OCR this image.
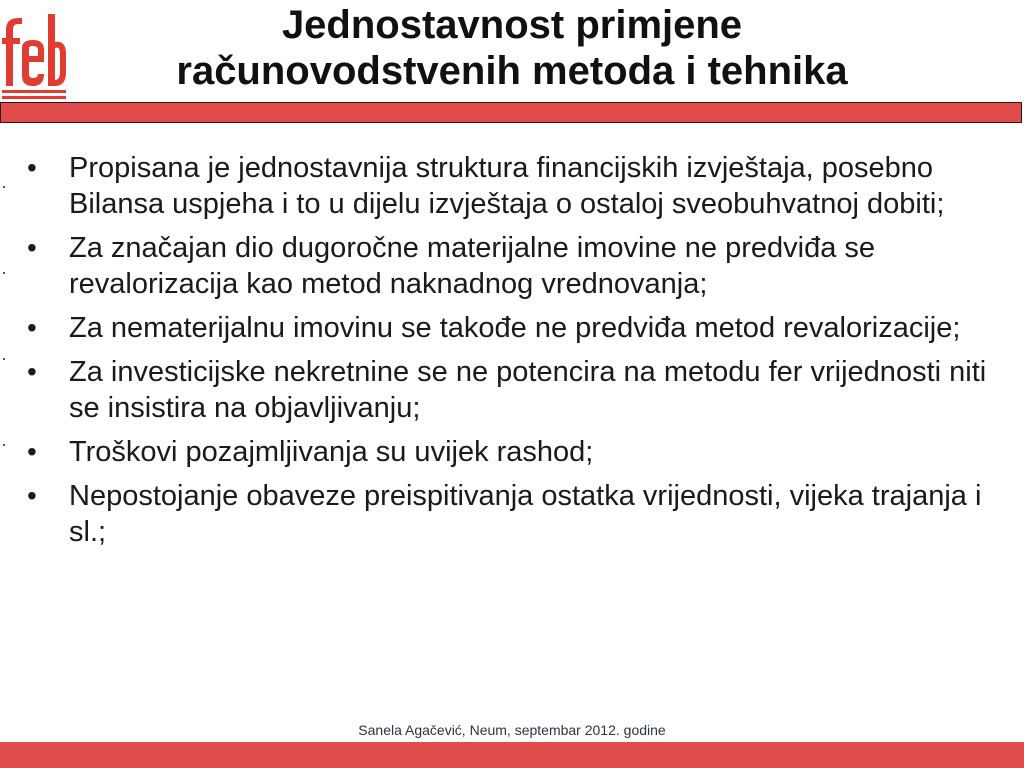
Jednostavnost primjene
računovodstvenih metoda i tehnika
• Propisana je jednostavnija struktura financijskih izvještaja, posebno Bilansa uspjeha i to u dijelu izvještaja o ostaloj sveobuhvatnoj dobiti;
• Za značajan dio dugoročne materijalne imovine ne predviđa se revalorizacija kao metod naknadnog vrednovanja;
• Za nematerijalnu imovinu se takođe ne predviđa metod revalorizacije;
• Za investicijske nekretnine se ne potencira na metodu fer vrijednosti niti se insistira na objavljivanju;
• Troškovi pozajmljivanja su uvijek rashod;
• Nepostojanje obaveze preispitivanja ostatka vrijednosti, vijeka trajanja i sl.;
Sanela Agačević, Neum, septembar 2012. godine
